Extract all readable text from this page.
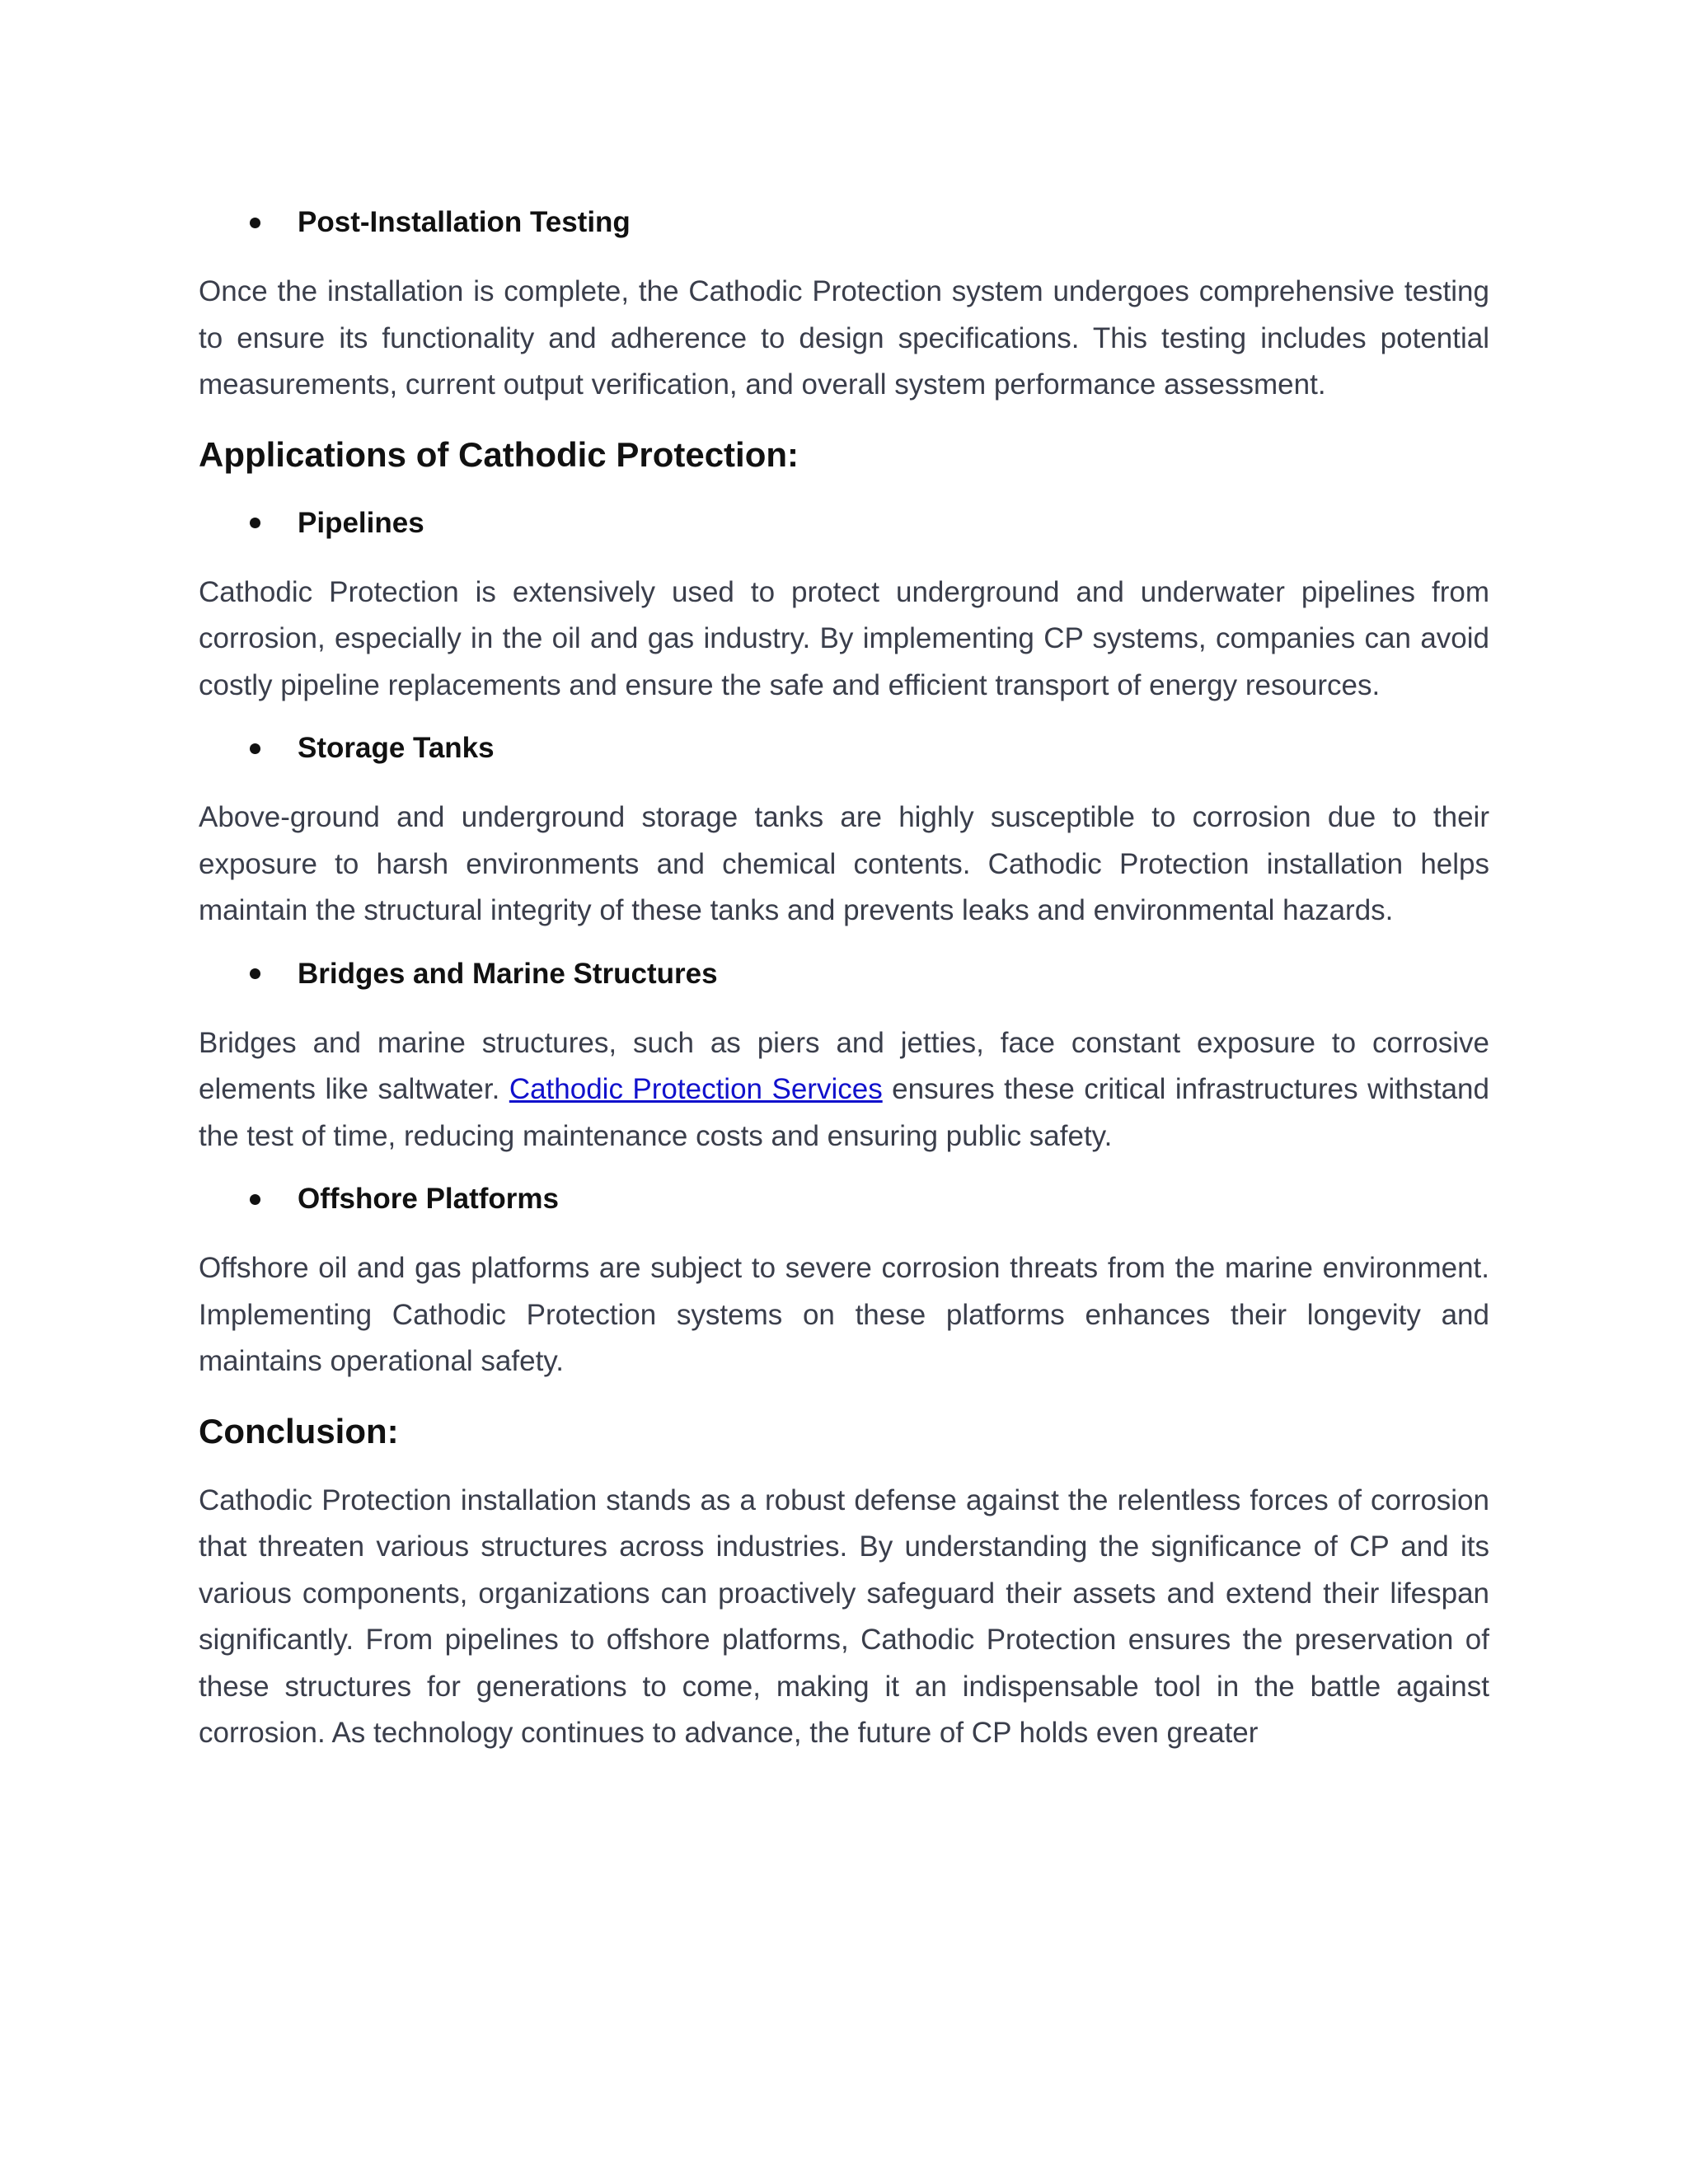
Post-Installation Testing

Once the installation is complete, the Cathodic Protection system undergoes comprehensive testing to ensure its functionality and adherence to design specifications. This testing includes potential measurements, current output verification, and overall system performance assessment.

Applications of Cathodic Protection:
Pipelines

Cathodic Protection is extensively used to protect underground and underwater pipelines from corrosion, especially in the oil and gas industry. By implementing CP systems, companies can avoid costly pipeline replacements and ensure the safe and efficient transport of energy resources.

Storage Tanks

Above-ground and underground storage tanks are highly susceptible to corrosion due to their exposure to harsh environments and chemical contents. Cathodic Protection installation helps maintain the structural integrity of these tanks and prevents leaks and environmental hazards.

Bridges and Marine Structures

Bridges and marine structures, such as piers and jetties, face constant exposure to corrosive elements like saltwater. Cathodic Protection Services ensures these critical infrastructures withstand the test of time, reducing maintenance costs and ensuring public safety.

Offshore Platforms

Offshore oil and gas platforms are subject to severe corrosion threats from the marine environment. Implementing Cathodic Protection systems on these platforms enhances their longevity and maintains operational safety.

Conclusion:

Cathodic Protection installation stands as a robust defense against the relentless forces of corrosion that threaten various structures across industries. By understanding the significance of CP and its various components, organizations can proactively safeguard their assets and extend their lifespan significantly. From pipelines to offshore platforms, Cathodic Protection ensures the preservation of these structures for generations to come, making it an indispensable tool in the battle against corrosion. As technology continues to advance, the future of CP holds even greater
